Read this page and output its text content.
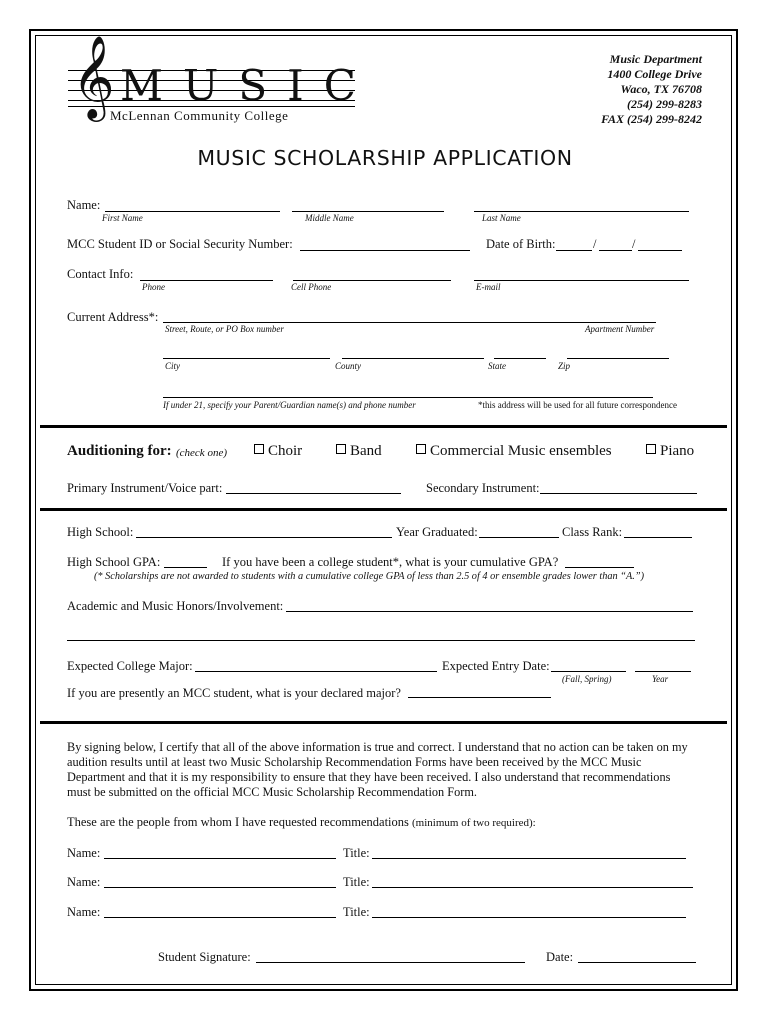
𝄞 MUSIC
McLennan Community College
Music Department
1400 College Drive
Waco, TX 76708
(254) 299-8283
FAX (254) 299-8242
MUSIC SCHOLARSHIP APPLICATION
Name:
First Name	Middle Name	Last Name
MCC Student ID or Social Security Number:	Date of Birth:	/	/
Contact Info:
Phone	Cell Phone	E-mail
Current Address*:
Street, Route, or PO Box number	Apartment Number
City	County	State	Zip
If under 21, specify your Parent/Guardian name(s) and phone number	*this address will be used for all future correspondence
Auditioning for: (check one)	Choir	Band	Commercial Music ensembles	Piano
Primary Instrument/Voice part:	Secondary Instrument:
High School:	Year Graduated:	Class Rank:
High School GPA:	If you have been a college student*, what is your cumulative GPA?
(* Scholarships are not awarded to students with a cumulative college GPA of less than 2.5 of 4 or ensemble grades lower than “A.”)
Academic and Music Honors/Involvement:
Expected College Major:	Expected Entry Date:
(Fall, Spring)	Year
If you are presently an MCC student, what is your declared major?
By signing below, I certify that all of the above information is true and correct. I understand that no action can be taken on my audition results until at least two Music Scholarship Recommendation Forms have been received by the MCC Music Department and that it is my responsibility to ensure that they have been received. I also understand that recommendations must be submitted on the official MCC Music Scholarship Recommendation Form.
These are the people from whom I have requested recommendations (minimum of two required):
Name:	Title:
Name:	Title:
Name:	Title:
Student Signature:	Date:
